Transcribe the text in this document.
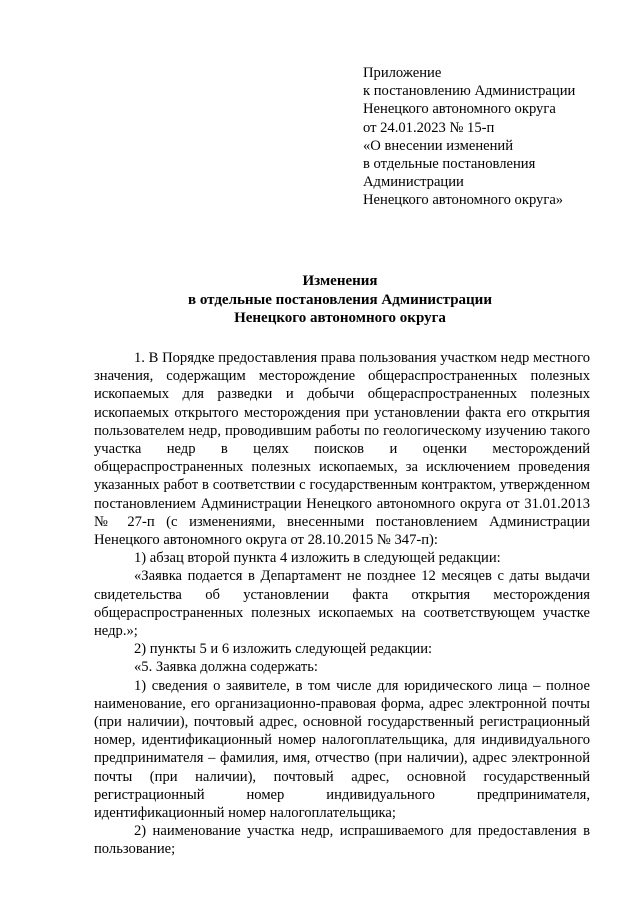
Приложение
к постановлению Администрации
Ненецкого автономного округа
от 24.01.2023 № 15-п
«О внесении изменений
в отдельные постановления
Администрации
Ненецкого автономного округа»
Изменения
в отдельные постановления Администрации
Ненецкого автономного округа

1. В Порядке предоставления права пользования участком недр местного значения, содержащим месторождение общераспространенных полезных ископаемых для разведки и добычи общераспространенных полезных ископаемых открытого месторождения при установлении факта его открытия пользователем недр, проводившим работы по геологическому изучению такого участка недр в целях поисков и оценки месторождений общераспространенных полезных ископаемых, за исключением проведения указанных работ в соответствии с государственным контрактом, утвержденном постановлением Администрации Ненецкого автономного округа от 31.01.2013 № 27-п (с изменениями, внесенными постановлением Администрации Ненецкого автономного округа от 28.10.2015 № 347-п):

1) абзац второй пункта 4 изложить в следующей редакции:

«Заявка подается в Департамент не позднее 12 месяцев с даты выдачи свидетельства об установлении факта открытия месторождения общераспространенных полезных ископаемых на соответствующем участке недр.»;

2) пункты 5 и 6 изложить следующей редакции:

«5. Заявка должна содержать:

1) сведения о заявителе, в том числе для юридического лица – полное наименование, его организационно-правовая форма, адрес электронной почты (при наличии), почтовый адрес, основной государственный регистрационный номер, идентификационный номер налогоплательщика, для индивидуального предпринимателя – фамилия, имя, отчество (при наличии), адрес электронной почты (при наличии), почтовый адрес, основной государственный регистрационный номер индивидуального предпринимателя, идентификационный номер налогоплательщика;

2) наименование участка недр, испрашиваемого для предоставления в пользование;
